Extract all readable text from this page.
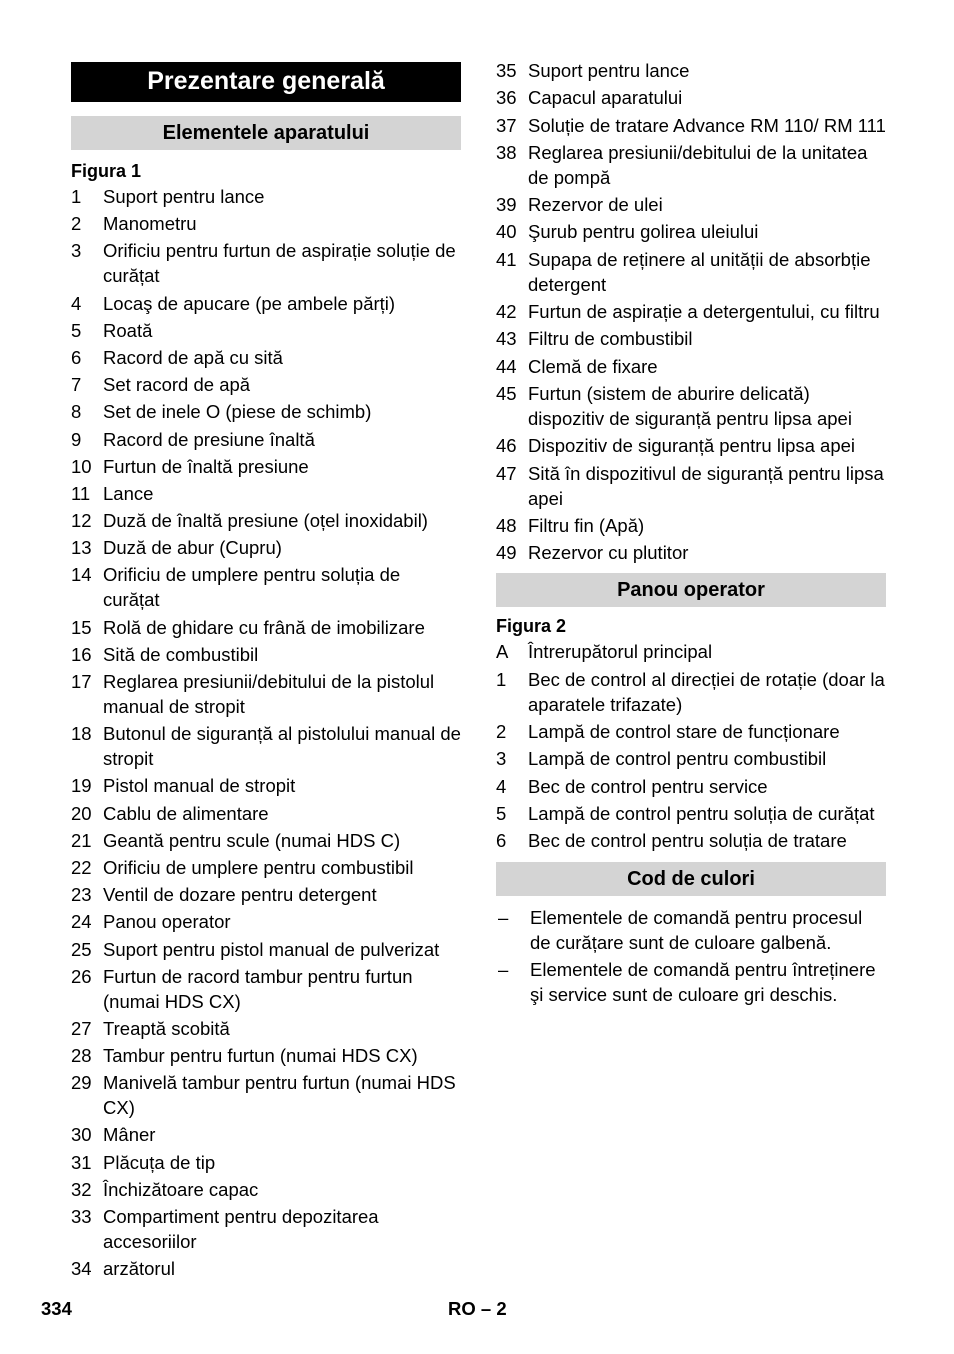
Prezentare generală
Elementele aparatului
Figura 1
1	Suport pentru lance
2	Manometru
3	Orificiu pentru furtun de aspirație soluție de curățat
4	Locaş de apucare (pe ambele părți)
5	Roată
6	Racord de apă cu sită
7	Set racord de apă
8	Set de inele O (piese de schimb)
9	Racord de presiune înaltă
10 Furtun de înaltă presiune
11 Lance
12 Duză de înaltă presiune (oțel inoxidabil)
13 Duză de abur (Cupru)
14 Orificiu de umplere pentru soluția de curățat
15 Rolă de ghidare cu frână de imobilizare
16 Sită de combustibil
17 Reglarea presiunii/debitului de la pistolul manual de stropit
18 Butonul de siguranță al pistolului manual de stropit
19 Pistol manual de stropit
20 Cablu de alimentare
21 Geantă pentru scule (numai HDS C)
22 Orificiu de umplere pentru combustibil
23 Ventil de dozare pentru detergent
24 Panou operator
25 Suport pentru pistol manual de pulverizat
26 Furtun de racord tambur pentru furtun (numai HDS CX)
27 Treaptă scobită
28 Tambur pentru furtun (numai HDS CX)
29 Manivelă tambur pentru furtun (numai HDS CX)
30 Mâner
31 Plăcuța de tip
32 Închizătoare capac
33 Compartiment pentru depozitarea accesoriilor
34 arzătorul
35 Suport pentru lance
36 Capacul aparatului
37 Soluție de tratare Advance RM 110/ RM 111
38 Reglarea presiunii/debitului de la unitatea de pompă
39 Rezervor de ulei
40 Şurub pentru golirea uleiului
41 Supapa de reținere al unității de absorbție detergent
42 Furtun de aspirație a detergentului, cu filtru
43 Filtru de combustibil
44 Clemă de fixare
45 Furtun (sistem de aburire delicată) dispozitiv de siguranță pentru lipsa apei
46 Dispozitiv de siguranță pentru lipsa apei
47 Sită în dispozitivul de siguranță pentru lipsa apei
48 Filtru fin (Apă)
49 Rezervor cu plutitor
Panou operator
Figura 2
A	Întrerupătorul principal
1	Bec de control al direcției de rotație (doar la aparatele trifazate)
2	Lampă de control stare de funcționare
3	Lampă de control pentru combustibil
4	Bec de control pentru service
5	Lampă de control pentru soluția de curățat
6	Bec de control pentru soluția de tratare
Cod de culori
–	Elementele de comandă pentru procesul de curățare sunt de culoare galbenă.
–	Elementele de comandă pentru întreținere şi service sunt de culoare gri deschis.
334	RO – 2
